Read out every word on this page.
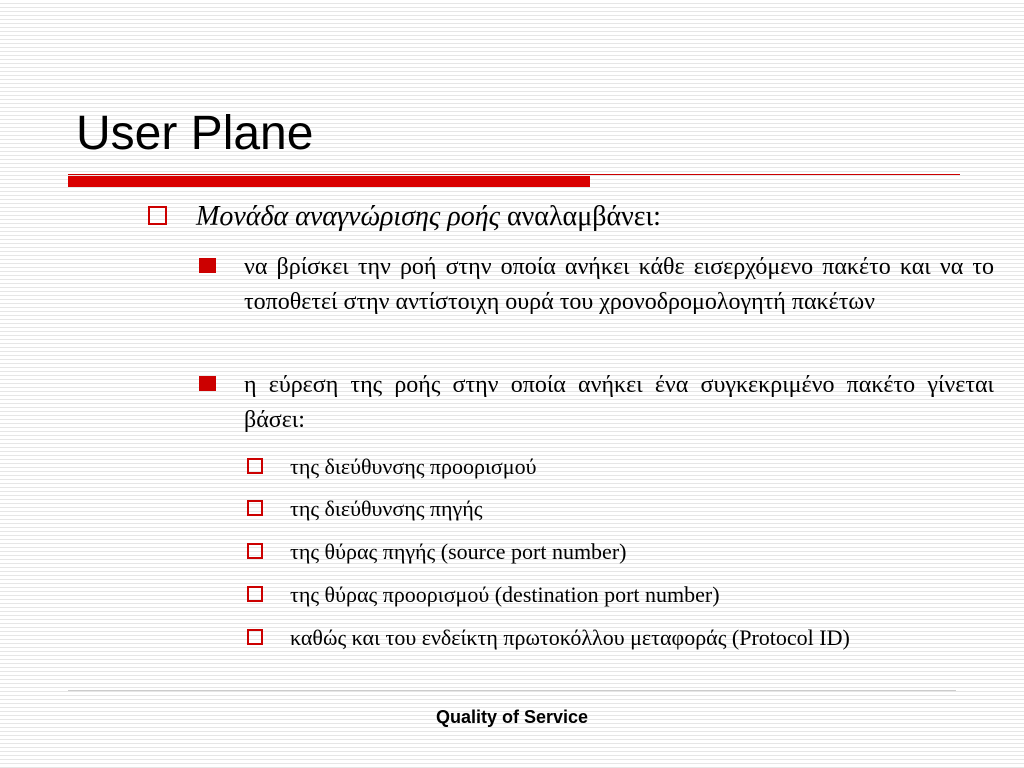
User Plane
Μονάδα αναγνώρισης ροής αναλαμβάνει:
να βρίσκει την ροή στην οποία ανήκει κάθε εισερχόμενο πακέτο και να το τοποθετεί στην αντίστοιχη ουρά του χρονοδρομολογητή πακέτων
η εύρεση της ροής στην οποία ανήκει ένα συγκεκριμένο πακέτο γίνεται βάσει:
της διεύθυνσης προορισμού
της διεύθυνσης πηγής
της θύρας πηγής (source port number)
της θύρας προορισμού (destination port number)
καθώς και του ενδείκτη πρωτοκόλλου μεταφοράς (Protocol ID)
Quality of Service
